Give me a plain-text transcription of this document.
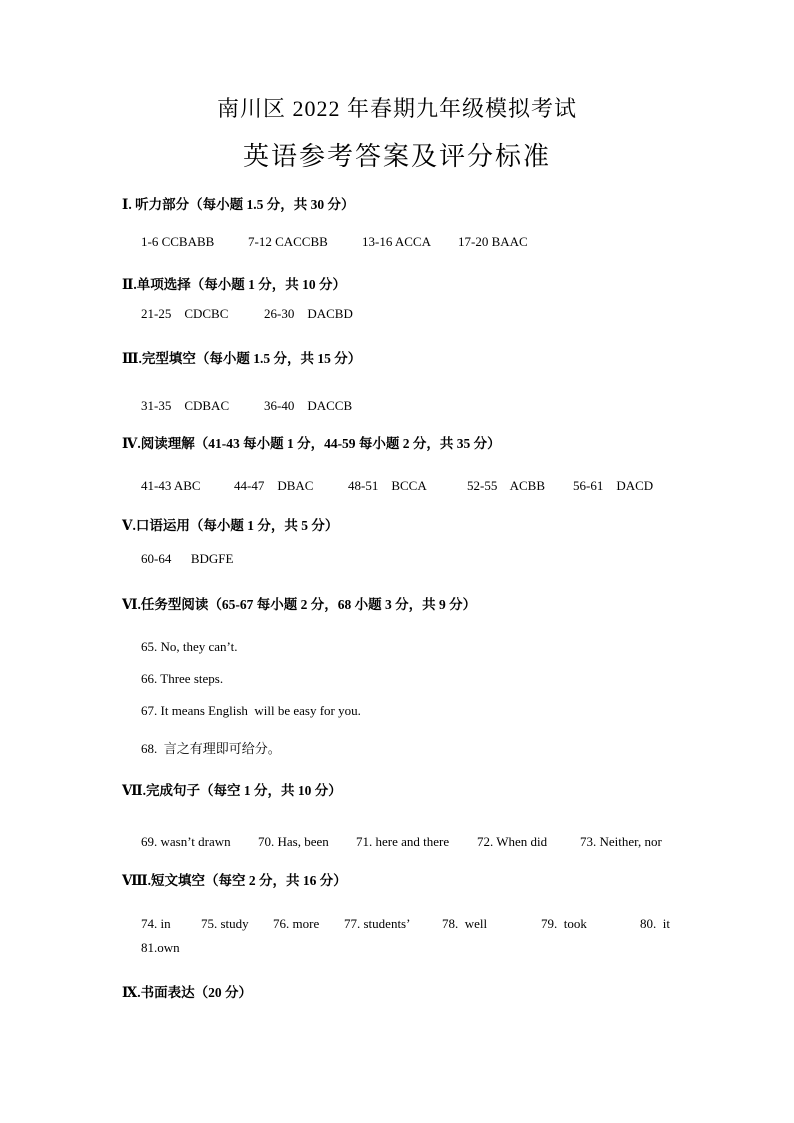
南川区 2022 年春期九年级模拟考试
英语参考答案及评分标准
Ⅰ. 听力部分（每小题 1.5 分，共 30 分）
1-6 CCBABB	7-12 CACCBB	13-16 ACCA 17-20 BAAC
Ⅱ.单项选择（每小题 1 分，共 10 分）
21-25    CDCBC	26-30    DACBD
Ⅲ.完型填空（每小题 1.5 分，共 15 分）
31-35    CDBAC	36-40    DACCB
Ⅳ.阅读理解（41-43 每小题 1 分，44-59 每小题 2 分，共 35 分）
41-43 ABC	44-47    DBAC	48-51    BCCA	52-55    ACBB 56-61    DACD
Ⅴ.口语运用（每小题 1 分，共 5 分）
60-64      BDGFE
Ⅵ.任务型阅读（65-67 每小题 2 分，68 小题 3 分，共 9 分）
65. No, they can’t.
66. Three steps.
67. It means English  will be easy for you.
68.  言之有理即可给分。
Ⅶ.完成句子（每空 1 分，共 10 分）
69. wasn’t drawn 70. Has, been 71. here and there 72. When did	73. Neither, nor
Ⅷ.短文填空（每空 2 分，共 16 分）
74. in 75. study 76. more 77. students’ 78.  well	79.  took	80.  it
81.own
Ⅸ.书面表达（20 分）
